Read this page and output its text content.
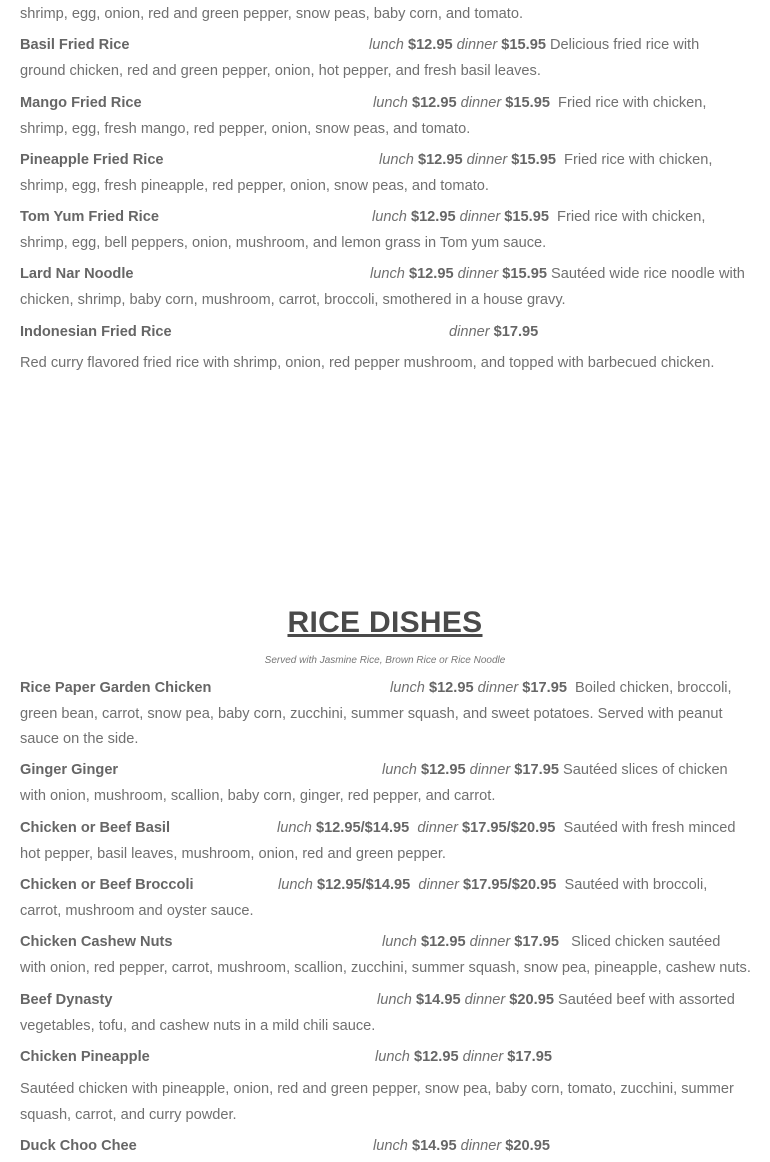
shrimp, egg, onion, red and green pepper, snow peas, baby corn, and tomato.
Basil Fried Rice	lunch $12.95 dinner $15.95 Delicious fried rice with
ground chicken, red and green pepper, onion, hot pepper, and fresh basil leaves.
Mango Fried Rice	lunch $12.95 dinner $15.95 Fried rice with chicken,
shrimp, egg, fresh mango, red pepper, onion, snow peas, and tomato.
Pineapple Fried Rice	lunch $12.95 dinner $15.95 Fried rice with chicken,
shrimp, egg, fresh pineapple, red pepper, onion, snow peas, and tomato.
Tom Yum Fried Rice	lunch $12.95 dinner $15.95 Fried rice with chicken,
shrimp, egg, bell peppers, onion, mushroom, and lemon grass in Tom yum sauce.
Lard Nar Noodle	lunch $12.95 dinner $15.95 Sautéed wide rice noodle with
chicken, shrimp, baby corn, mushroom, carrot, broccoli, smothered in a house gravy.
Indonesian Fried Rice	dinner $17.95
Red curry flavored fried rice with shrimp, onion, red pepper mushroom, and topped with barbecued chicken.
RICE DISHES
Served with Jasmine Rice, Brown Rice or Rice Noodle
Rice Paper Garden Chicken	lunch $12.95 dinner $17.95 Boiled chicken, broccoli,
green bean, carrot, snow pea, baby corn, zucchini, summer squash, and sweet potatoes. Served with peanut sauce on the side.
Ginger Ginger	lunch $12.95 dinner $17.95 Sautéed slices of chicken
with onion, mushroom, scallion, baby corn, ginger, red pepper, and carrot.
Chicken or Beef Basil	lunch $12.95/$14.95 dinner $17.95/$20.95 Sautéed with fresh minced
hot pepper, basil leaves, mushroom, onion, red and green pepper.
Chicken or Beef Broccoli	lunch $12.95/$14.95 dinner $17.95/$20.95 Sautéed with broccoli,
carrot, mushroom and oyster sauce.
Chicken Cashew Nuts	lunch $12.95 dinner $17.95 Sliced chicken sautéed
with onion, red pepper, carrot, mushroom, scallion, zucchini, summer squash, snow pea, pineapple, cashew nuts.
Beef Dynasty	lunch $14.95 dinner $20.95 Sautéed beef with assorted
vegetables, tofu, and cashew nuts in a mild chili sauce.
Chicken Pineapple	lunch $12.95 dinner $17.95
Sautéed chicken with pineapple, onion, red and green pepper, snow pea, baby corn, tomato, zucchini, summer squash, carrot, and curry powder.
Duck Choo Chee	lunch $14.95 dinner $20.95
